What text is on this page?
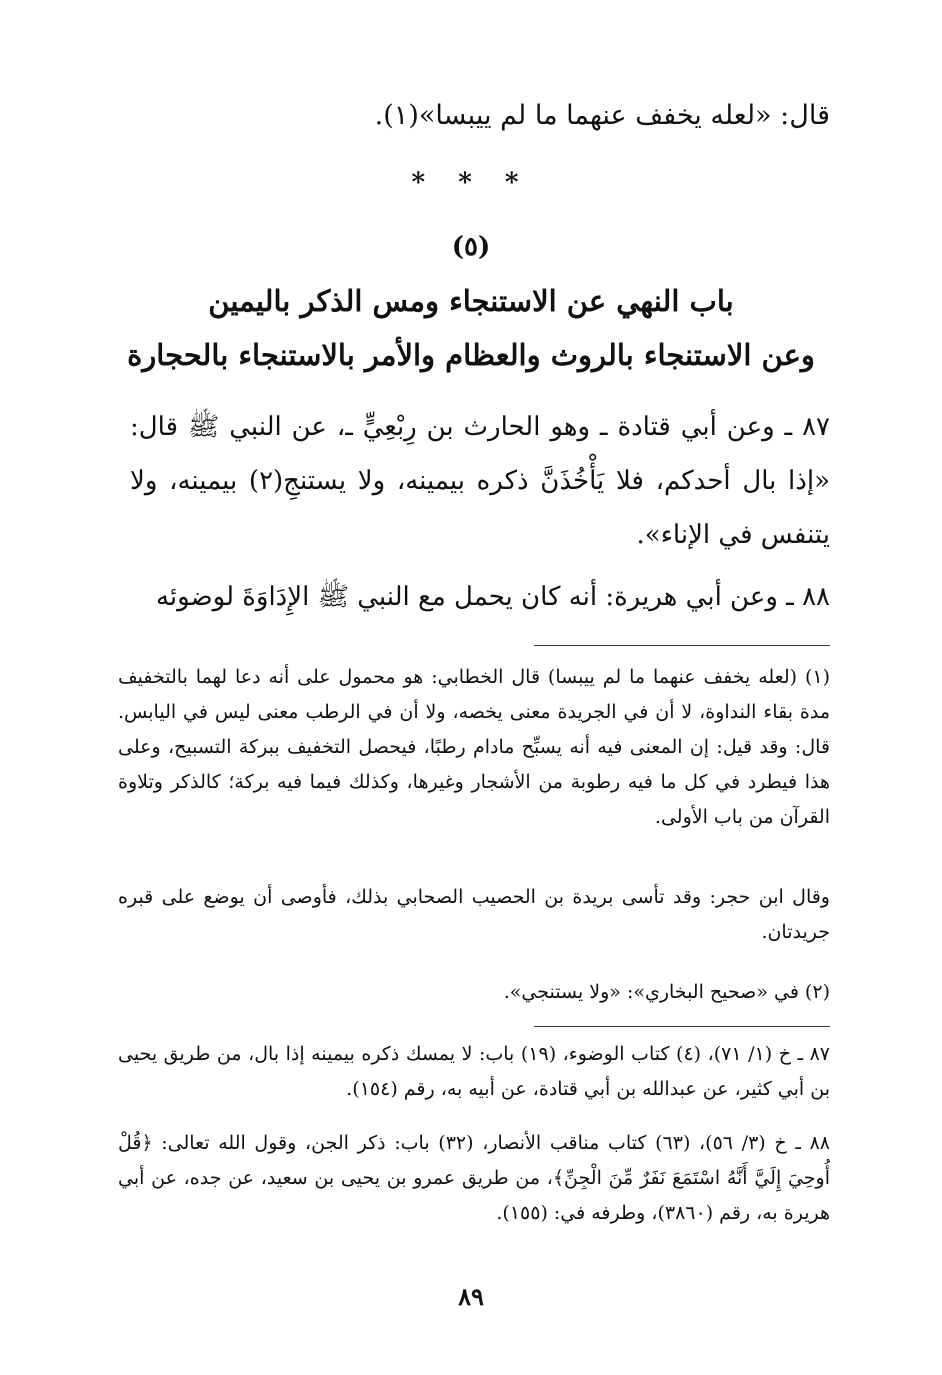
قال: «لعله يخفف عنهما ما لم ييبسا»(١).
* * *
(٥)
باب النهي عن الاستنجاء ومس الذكر باليمين
وعن الاستنجاء بالروث والعظام والأمر بالاستنجاء بالحجارة
٨٧ ـ وعن أبي قتادة ـ وهو الحارث بن رِبْعِيٍّ ـ، عن النبي ﷺ قال: «إذا بال أحدكم، فلا يَأْخُذَنَّ ذكره بيمينه، ولا يستنجِ(٢) بيمينه، ولا يتنفس في الإناء».
٨٨ ـ وعن أبي هريرة: أنه كان يحمل مع النبي ﷺ الإِدَاوَةَ لوضوئه
(١) (لعله يخفف عنهما ما لم ييبسا) قال الخطابي: هو محمول على أنه دعا لهما بالتخفيف مدة بقاء النداوة، لا أن في الجريدة معنى يخصه، ولا أن في الرطب معنى ليس في اليابس. قال: وقد قيل: إن المعنى فيه أنه يسبِّح مادام رطبًا، فيحصل التخفيف ببركة التسبيح، وعلى هذا فيطرد في كل ما فيه رطوبة من الأشجار وغيرها، وكذلك فيما فيه بركة؛ كالذكر وتلاوة القرآن من باب الأولى.
وقال ابن حجر: وقد تأسى بريدة بن الحصيب الصحابي بذلك، فأوصى أن يوضع على قبره جريدتان.
(٢) في «صحيح البخاري»: «ولا يستنجي».
٨٧ ـ خ (١/ ٧١)، (٤) كتاب الوضوء، (١٩) باب: لا يمسك ذكره بيمينه إذا بال، من طريق يحيى بن أبي كثير، عن عبدالله بن أبي قتادة، عن أبيه به، رقم (١٥٤).
٨٨ ـ خ (٣/ ٥٦)، (٦٣) كتاب مناقب الأنصار، (٣٢) باب: ذكر الجن، وقول الله تعالى: ﴿قُلْ أُوحِيَ إِلَيَّ أَنَّهُ اسْتَمَعَ نَفَرٌ مِّنَ الْجِنِّ﴾، من طريق عمرو بن يحيى بن سعيد، عن جده، عن أبي هريرة به، رقم (٣٨٦٠)، وطرفه في: (١٥٥).
٨٩
